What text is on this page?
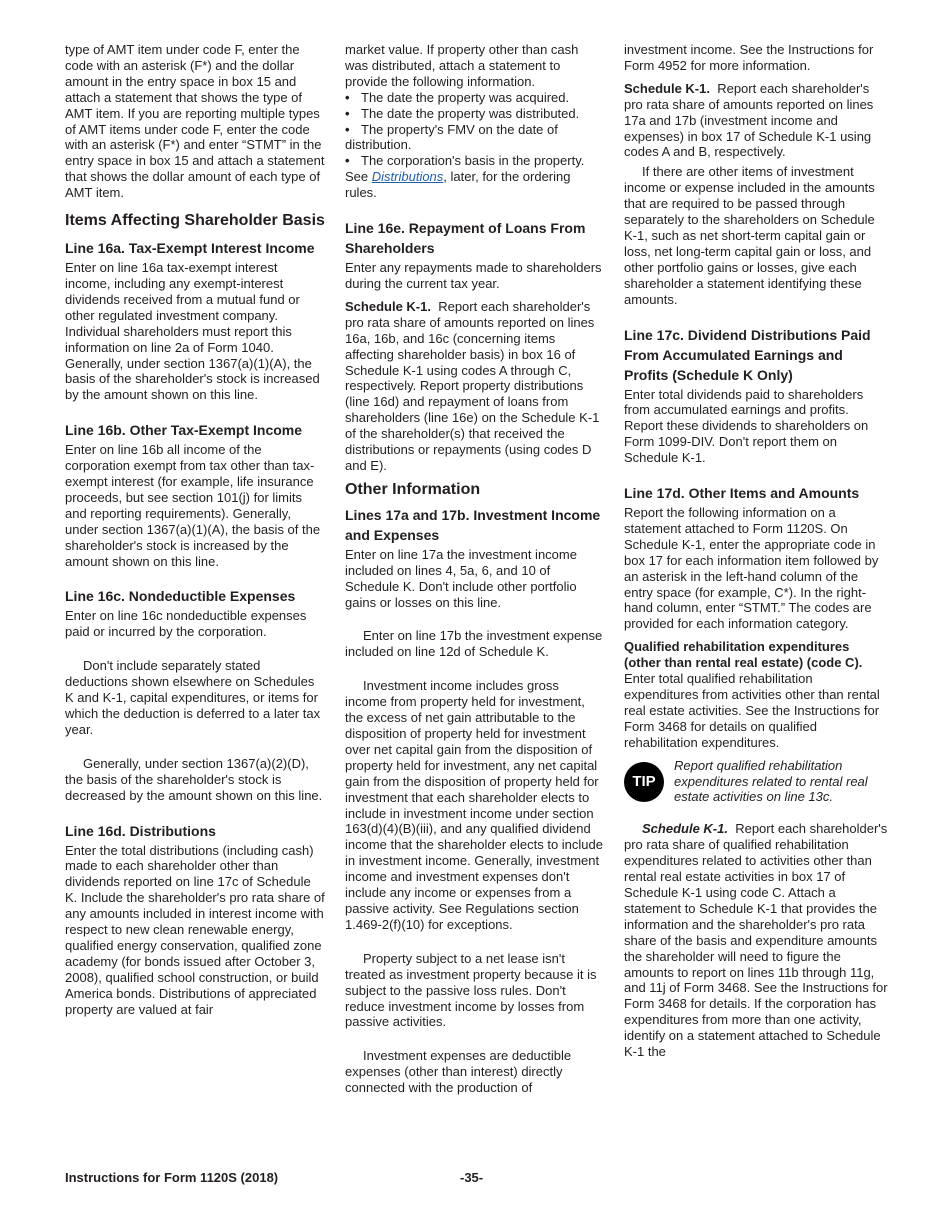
type of AMT item under code F, enter the code with an asterisk (F*) and the dollar amount in the entry space in box 15 and attach a statement that shows the type of AMT item. If you are reporting multiple types of AMT items under code F, enter the code with an asterisk (F*) and enter “STMT” in the entry space in box 15 and attach a statement that shows the dollar amount of each type of AMT item.

Items Affecting Shareholder Basis
Line 16a. Tax-Exempt Interest Income

Enter on line 16a tax-exempt interest income, including any exempt-interest dividends received from a mutual fund or other regulated investment company. Individual shareholders must report this information on line 2a of Form 1040. Generally, under section 1367(a)(1)(A), the basis of the shareholder's stock is increased by the amount shown on this line.

Line 16b. Other Tax-Exempt Income

Enter on line 16b all income of the corporation exempt from tax other than tax-exempt interest (for example, life insurance proceeds, but see section 101(j) for limits and reporting requirements). Generally, under section 1367(a)(1)(A), the basis of the shareholder's stock is increased by the amount shown on this line.

Line 16c. Nondeductible Expenses

Enter on line 16c nondeductible expenses paid or incurred by the corporation.

Don't include separately stated deductions shown elsewhere on Schedules K and K-1, capital expenditures, or items for which the deduction is deferred to a later tax year.

Generally, under section 1367(a)(2)(D), the basis of the shareholder's stock is decreased by the amount shown on this line.

Line 16d. Distributions

Enter the total distributions (including cash) made to each shareholder other than dividends reported on line 17c of Schedule K. Include the shareholder's pro rata share of any amounts included in interest income with respect to new clean renewable energy, qualified energy conservation, qualified zone academy (for bonds issued after October 3, 2008), qualified school construction, or build America bonds. Distributions of appreciated property are valued at fair

market value. If property other than cash was distributed, attach a statement to provide the following information.

• The date the property was acquired.
• The date the property was distributed.
• The property's FMV on the date of distribution.
• The corporation's basis in the property.

See Distributions, later, for the ordering rules.

Line 16e. Repayment of Loans From Shareholders

Enter any repayments made to shareholders during the current tax year.

Schedule K-1. Report each shareholder's pro rata share of amounts reported on lines 16a, 16b, and 16c (concerning items affecting shareholder basis) in box 16 of Schedule K-1 using codes A through C, respectively. Report property distributions (line 16d) and repayment of loans from shareholders (line 16e) on the Schedule K-1 of the shareholder(s) that received the distributions or repayments (using codes D and E).

Other Information
Lines 17a and 17b. Investment Income and Expenses

Enter on line 17a the investment income included on lines 4, 5a, 6, and 10 of Schedule K. Don't include other portfolio gains or losses on this line.

Enter on line 17b the investment expense included on line 12d of Schedule K.

Investment income includes gross income from property held for investment, the excess of net gain attributable to the disposition of property held for investment over net capital gain from the disposition of property held for investment, any net capital gain from the disposition of property held for investment that each shareholder elects to include in investment income under section 163(d)(4)(B)(iii), and any qualified dividend income that the shareholder elects to include in investment income. Generally, investment income and investment expenses don't include any income or expenses from a passive activity. See Regulations section 1.469-2(f)(10) for exceptions.

Property subject to a net lease isn't treated as investment property because it is subject to the passive loss rules. Don't reduce investment income by losses from passive activities.

Investment expenses are deductible expenses (other than interest) directly connected with the production of

investment income. See the Instructions for Form 4952 for more information.

Schedule K-1. Report each shareholder's pro rata share of amounts reported on lines 17a and 17b (investment income and expenses) in box 17 of Schedule K-1 using codes A and B, respectively.

If there are other items of investment income or expense included in the amounts that are required to be passed through separately to the shareholders on Schedule K-1, such as net short-term capital gain or loss, net long-term capital gain or loss, and other portfolio gains or losses, give each shareholder a statement identifying these amounts.

Line 17c. Dividend Distributions Paid From Accumulated Earnings and Profits (Schedule K Only)

Enter total dividends paid to shareholders from accumulated earnings and profits. Report these dividends to shareholders on Form 1099-DIV. Don't report them on Schedule K-1.

Line 17d. Other Items and Amounts

Report the following information on a statement attached to Form 1120S. On Schedule K-1, enter the appropriate code in box 17 for each information item followed by an asterisk in the left-hand column of the entry space (for example, C*). In the right-hand column, enter “STMT.” The codes are provided for each information category.

Qualified rehabilitation expenditures (other than rental real estate) (code C). Enter total qualified rehabilitation expenditures from activities other than rental real estate activities. See the Instructions for Form 3468 for details on qualified rehabilitation expenditures.

TIP
Report qualified rehabilitation expenditures related to rental real estate activities on line 13c.

Schedule K-1. Report each shareholder's pro rata share of qualified rehabilitation expenditures related to activities other than rental real estate activities in box 17 of Schedule K-1 using code C. Attach a statement to Schedule K-1 that provides the information and the shareholder's pro rata share of the basis and expenditure amounts the shareholder will need to figure the amounts to report on lines 11b through 11g, and 11j of Form 3468. See the Instructions for Form 3468 for details. If the corporation has expenditures from more than one activity, identify on a statement attached to Schedule K-1 the

Instructions for Form 1120S (2018)	-35-
